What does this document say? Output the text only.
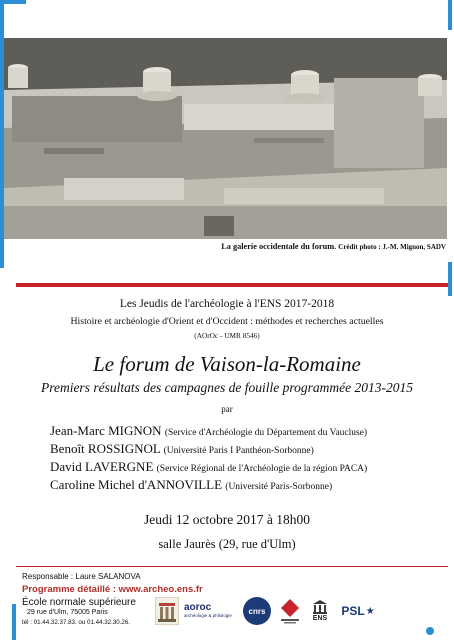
La galerie occidentale du forum. Crédit photo : J.-M. Mignon, SADV
Les Jeudis de l'archéologie à l'ENS 2017-2018
Histoire et archéologie d'Orient et d'Occident : méthodes et recherches actuelles
(AOrOc - UMR 8546)
Le forum de Vaison-la-Romaine
Premiers résultats des campagnes de fouille programmée 2013-2015
par
Jean-Marc MIGNON (Service d'Archéologie du Département du Vaucluse)
Benoît ROSSIGNOL (Université Paris I Panthéon-Sorbonne)
David LAVERGNE (Service Régional de l'Archéologie de la région PACA)
Caroline Michel d'ANNOVILLE (Université Paris-Sorbonne)
Jeudi 12 octobre 2017 à 18h00
salle Jaurès (29, rue d'Ulm)
Responsable : Laure SALANOVA
Programme détaillé : www.archeo.ens.fr
École normale supérieure
29 rue d'Ulm, 75005 Paris
tél : 01.44.32.37.83. ou 01.44.32.30.26.
aoroc
archéologie & philologie cnrs
ENS
PSL ★
